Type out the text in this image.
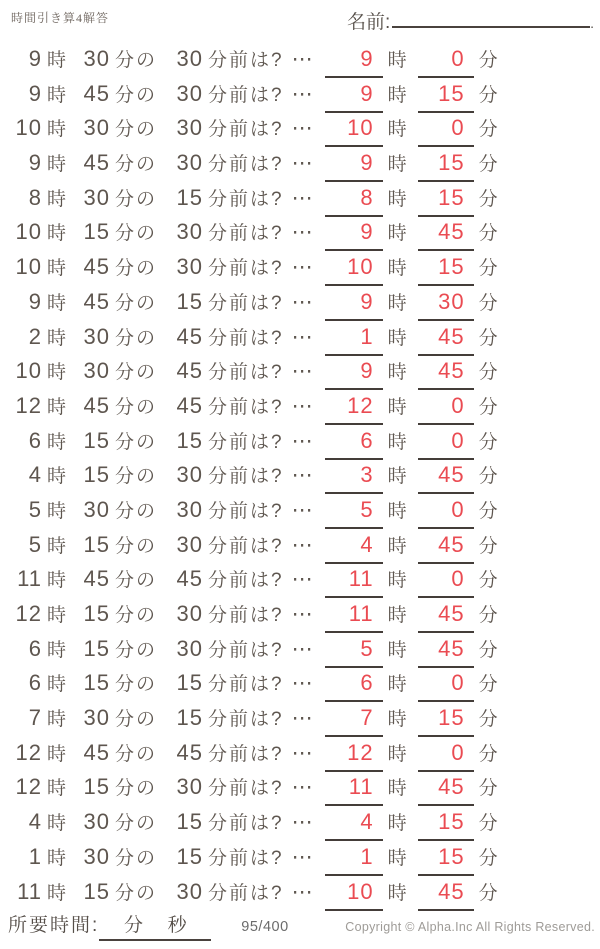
時間引き算4解答	名前:	.
9 時 30 分の 30 分前は? ⋯	9 時	0 分
9 時 45 分の 30 分前は? ⋯	9 時	15 分
10 時 30 分の 30 分前は? ⋯	10 時	0 分
9 時 45 分の 30 分前は? ⋯	9 時	15 分
8 時 30 分の 15 分前は? ⋯	8 時	15 分
10 時 15 分の 30 分前は? ⋯	9 時	45 分
10 時 45 分の 30 分前は? ⋯	10 時	15 分
9 時 45 分の 15 分前は? ⋯	9 時	30 分
2 時 30 分の 45 分前は? ⋯	1 時	45 分
10 時 30 分の 45 分前は? ⋯	9 時	45 分
12 時 45 分の 45 分前は? ⋯	12 時	0 分
6 時 15 分の 15 分前は? ⋯	6 時	0 分
4 時 15 分の 30 分前は? ⋯	3 時	45 分
5 時 30 分の 30 分前は? ⋯	5 時	0 分
5 時 15 分の 30 分前は? ⋯	4 時	45 分
11 時 45 分の 45 分前は? ⋯	11 時	0 分
12 時 15 分の 30 分前は? ⋯	11 時	45 分
6 時 15 分の 30 分前は? ⋯	5 時	45 分
6 時 15 分の 15 分前は? ⋯	6 時	0 分
7 時 30 分の 15 分前は? ⋯	7 時	15 分
12 時 45 分の 45 分前は? ⋯	12 時	0 分
12 時 15 分の 30 分前は? ⋯	11 時	45 分
4 時 30 分の 15 分前は? ⋯	4 時	15 分
1 時 30 分の 15 分前は? ⋯	1 時	15 分
11 時 15 分の 30 分前は? ⋯	10 時	45 分
所要時間: 分 秒	95/400	Copyright © Alpha.Inc All Rights Reserved.
